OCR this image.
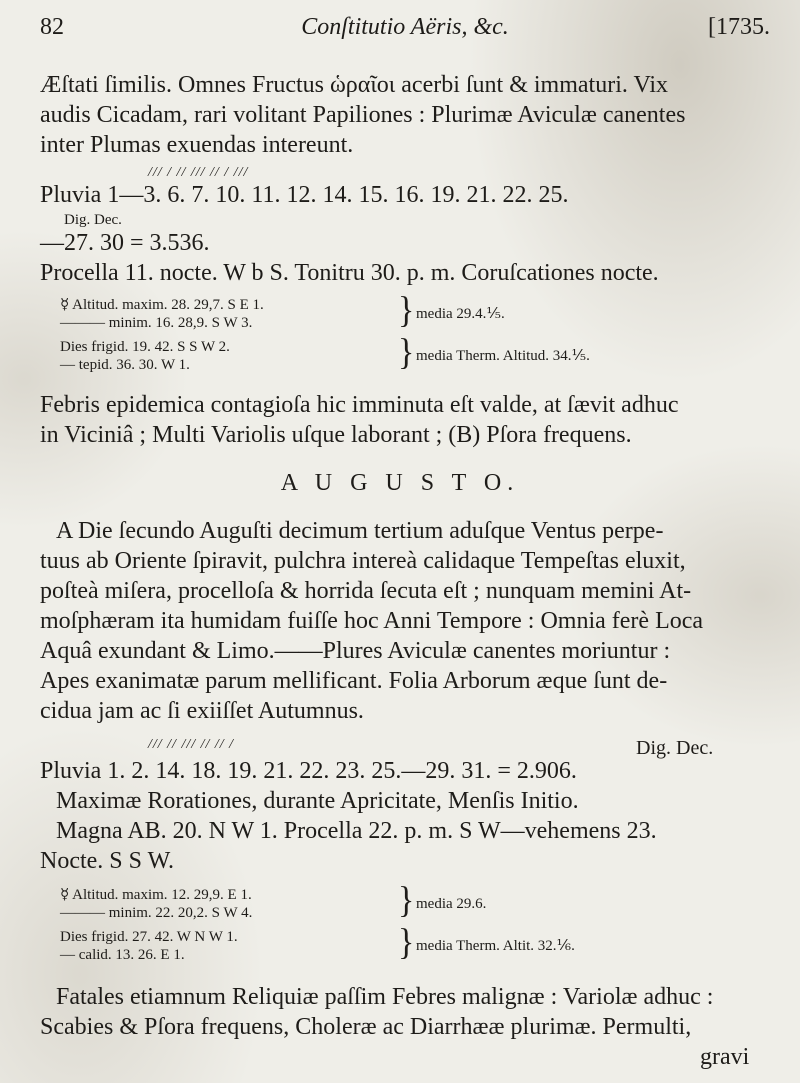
82	Conſtitutio Aëris, &c.	[1735.
Æſtati ſimilis. Omnes Fructus ὡραῖοι acerbi ſunt & immaturi. Vix
audis Cicadam, rari volitant Papiliones : Plurimæ Aviculæ canentes
inter Plumas exuendas intereunt.
/// / // /// // / ///
Pluvia 1—3. 6. 7. 10. 11. 12. 14. 15. 16. 19. 21. 22. 25.
Dig. Dec.
—27. 30 = 3.536.
Procella 11. nocte. W b S. Tonitru 30. p. m. Coruſcationes nocte.
☿ Altitud. maxim. 28. 29,7. S E 1.
——— minim. 16. 28,9. S W 3.	} media 29.4.⅕.
Dies frigid. 19. 42. S S W 2.
— tepid. 36. 30. W 1.	} media Therm. Altitud. 34.⅕.
Febris epidemica contagioſa hic imminuta eſt valde, at ſævit adhuc
in Viciniâ ; Multi Variolis uſque laborant ; (B) Pſora frequens.
A U G U S T O.
A Die ſecundo Auguſti decimum tertium aduſque Ventus perpe-
tuus ab Oriente ſpiravit, pulchra intereà calidaque Tempeſtas eluxit,
poſteà miſera, procelloſa & horrida ſecuta eſt ; nunquam memini At-
moſphæram ita humidam fuiſſe hoc Anni Tempore : Omnia ferè Loca
Aquâ exundant & Limo.——Plures Aviculæ canentes moriuntur :
Apes exanimatæ parum mellificant. Folia Arborum æque ſunt de-
cidua jam ac ſi exiiſſet Autumnus.
/// // /// // // /	Dig. Dec.
Pluvia 1. 2. 14. 18. 19. 21. 22. 23. 25.—29. 31. = 2.906.
Maximæ Rorationes, durante Apricitate, Menſis Initio.
Magna AB. 20. N W 1. Procella 22. p. m. S W—vehemens 23.
Nocte. S S W.
☿ Altitud. maxim. 12. 29,9. E 1.
——— minim. 22. 20,2. S W 4.	} media 29.6.
Dies frigid. 27. 42. W N W 1.
— calid. 13. 26. E 1.	} media Therm. Altit. 32.⅙.
Fatales etiamnum Reliquiæ paſſim Febres malignæ : Variolæ adhuc :
Scabies & Pſora frequens, Choleræ ac Diarrhææ plurimæ. Permulti,
gravi
